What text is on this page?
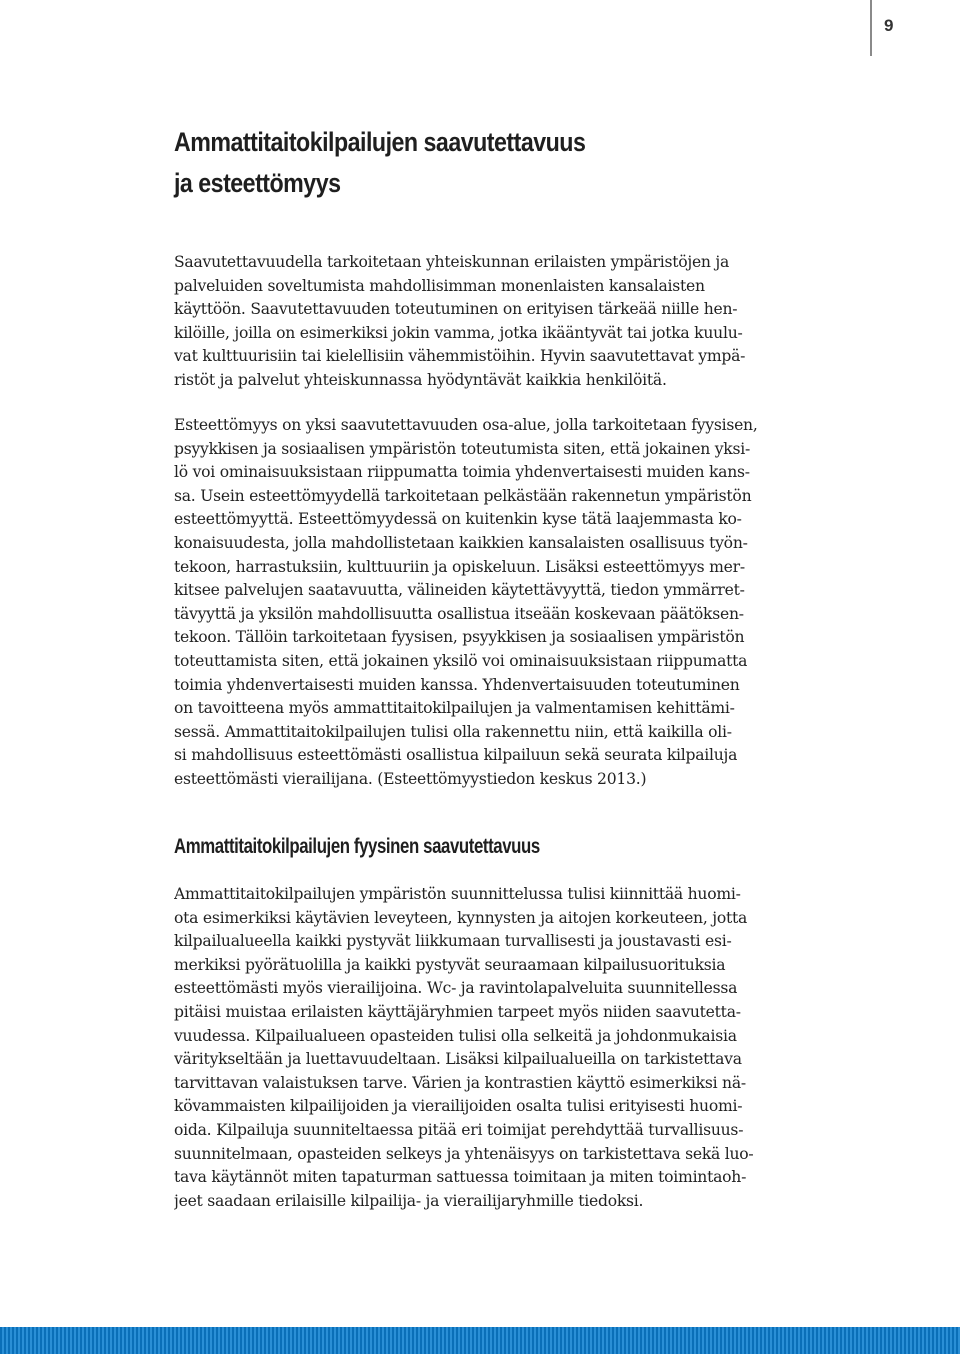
9
Ammattitaitokilpailujen saavutettavuus
ja esteettömyys

Saavutettavuudella tarkoitetaan yhteiskunnan erilaisten ympäristöjen ja
palveluiden soveltumista mahdollisimman monenlaisten kansalaisten
käyttöön. Saavutettavuuden toteutuminen on erityisen tärkeää niille hen-
kilöille, joilla on esimerkiksi jokin vamma, jotka ikääntyvät tai jotka kuulu-
vat kulttuurisiin tai kielellisiin vähemmistöihin. Hyvin saavutettavat ympä-
ristöt ja palvelut yhteiskunnassa hyödyntävät kaikkia henkilöitä.

Esteettömyys on yksi saavutettavuuden osa-alue, jolla tarkoitetaan fyysisen,
psyykkisen ja sosiaalisen ympäristön toteutumista siten, että jokainen yksi-
lö voi ominaisuuksistaan riippumatta toimia yhdenvertaisesti muiden kans-
sa. Usein esteettömyydellä tarkoitetaan pelkästään rakennetun ympäristön
esteettömyyttä. Esteettömyydessä on kuitenkin kyse tätä laajemmasta ko-
konaisuudesta, jolla mahdollistetaan kaikkien kansalaisten osallisuus työn-
tekoon, harrastuksiin, kulttuuriin ja opiskeluun. Lisäksi esteettömyys mer-
kitsee palvelujen saatavuutta, välineiden käytettävyyttä, tiedon ymmärret-
tävyyttä ja yksilön mahdollisuutta osallistua itseään koskevaan päätöksen-
tekoon. Tällöin tarkoitetaan fyysisen, psyykkisen ja sosiaalisen ympäristön
toteuttamista siten, että jokainen yksilö voi ominaisuuksistaan riippumatta
toimia yhdenvertaisesti muiden kanssa. Yhdenvertaisuuden toteutuminen
on tavoitteena myös ammattitaitokilpailujen ja valmentamisen kehittämi-
sessä. Ammattitaitokilpailujen tulisi olla rakennettu niin, että kaikilla oli-
si mahdollisuus esteettömästi osallistua kilpailuun sekä seurata kilpailuja
esteettömästi vierailijana. (Esteettömyystiedon keskus 2013.)

Ammattitaitokilpailujen fyysinen saavutettavuus

Ammattitaitokilpailujen ympäristön suunnittelussa tulisi kiinnittää huomi-
ota esimerkiksi käytävien leveyteen, kynnysten ja aitojen korkeuteen, jotta
kilpailualueella kaikki pystyvät liikkumaan turvallisesti ja joustavasti esi-
merkiksi pyörätuolilla ja kaikki pystyvät seuraamaan kilpailusuorituksia
esteettömästi myös vierailijoina. Wc- ja ravintolapalveluita suunnitellessa
pitäisi muistaa erilaisten käyttäjäryhmien tarpeet myös niiden saavutetta-
vuudessa. Kilpailualueen opasteiden tulisi olla selkeitä ja johdonmukaisia
väritykseltään ja luettavuudeltaan. Lisäksi kilpailualueilla on tarkistettava
tarvittavan valaistuksen tarve. Värien ja kontrastien käyttö esimerkiksi nä-
kövammaisten kilpailijoiden ja vierailijoiden osalta tulisi erityisesti huomi-
oida. Kilpailuja suunniteltaessa pitää eri toimijat perehdyttää turvallisuus-
suunnitelmaan, opasteiden selkeys ja yhtenäisyys on tarkistettava sekä luo-
tava käytännöt miten tapaturman sattuessa toimitaan ja miten toimintaoh-
jeet saadaan erilaisille kilpailija- ja vierailijaryhmille tiedoksi.
